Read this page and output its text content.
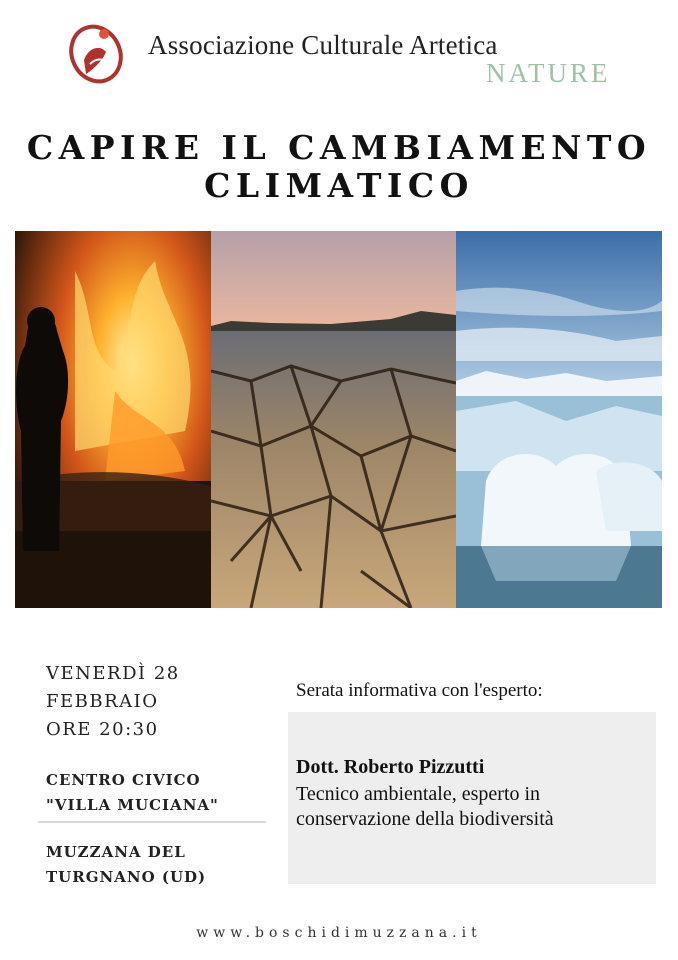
Associazione Culturale Artetica
NATURE
CAPIRE IL CAMBIAMENTO
CLIMATICO
VENERDÌ 28
FEBBRAIO
ORE 20:30
CENTRO CIVICO
"VILLA MUCIANA"
MUZZANA DEL
TURGNANO (UD)
Serata informativa con l'esperto:
Dott. Roberto Pizzutti
Tecnico ambientale, esperto in conservazione della biodiversità
www.boschidimuzzana.it
